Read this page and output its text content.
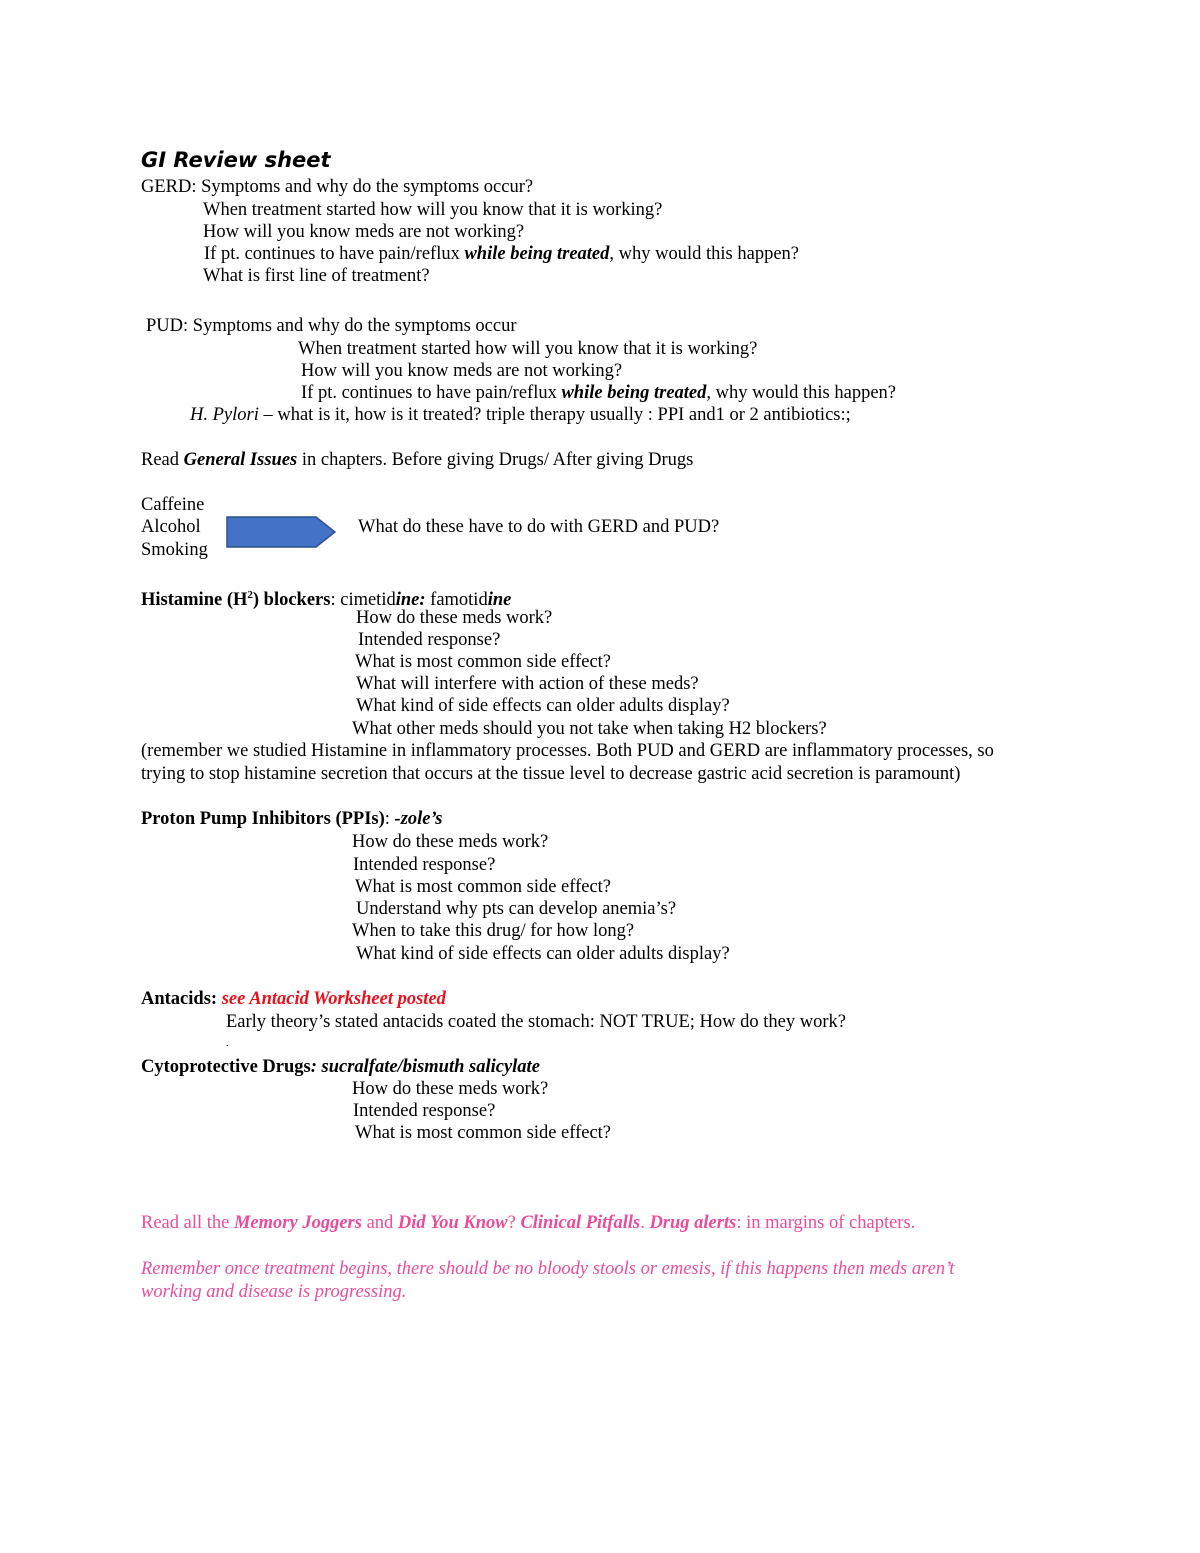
GI Review sheet
GERD: Symptoms and why do the symptoms occur?
When treatment started how will you know that it is working?
How will you know meds are not working?
If pt. continues to have pain/reflux while being treated, why would this happen?
What is first line of treatment?
PUD: Symptoms and why do the symptoms occur
When treatment started how will you know that it is working?
How will you know meds are not working?
If pt. continues to have pain/reflux while being treated, why would this happen?
H. Pylori – what is it, how is it treated? triple therapy usually : PPI and1 or 2 antibiotics:;
Read General Issues in chapters. Before giving Drugs/ After giving Drugs
Caffeine
Alcohol
Smoking
What do these have to do with GERD and PUD?
Histamine $(H^2)$ blockers: cimetidine: famotidine
How do these meds work?
Intended response?
What is most common side effect?
What will interfere with action of these meds?
What kind of side effects can older adults display?
What other meds should you not take when taking H2 blockers?
(remember we studied Histamine in inflammatory processes. Both PUD and GERD are inflammatory processes, so
trying to stop histamine secretion that occurs at the tissue level to decrease gastric acid secretion is paramount)
Proton Pump Inhibitors (PPIs): -zole’s
How do these meds work?
Intended response?
What is most common side effect?
Understand why pts can develop anemia’s?
When to take this drug/ for how long?
What kind of side effects can older adults display?
Antacids: see Antacid Worksheet posted
Early theory’s stated antacids coated the stomach: NOT TRUE; How do they work?
.
Cytoprotective Drugs: sucralfate/bismuth salicylate
How do these meds work?
Intended response?
What is most common side effect?
Read all the Memory Joggers and Did You Know? Clinical Pitfalls. Drug alerts: in margins of chapters.
Remember once treatment begins, there should be no bloody stools or emesis, if this happens then meds aren’t
working and disease is progressing.
